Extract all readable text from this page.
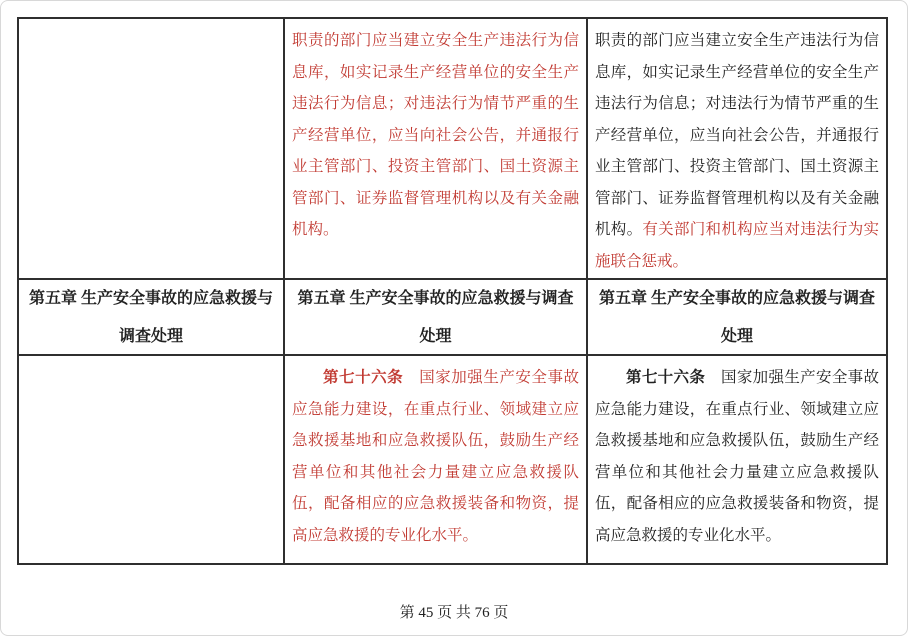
职责的部门应当建立安全生产违法行为信息库，如实记录生产经营单位的安全生产违法行为信息；对违法行为情节严重的生产经营单位，应当向社会公告，并通报行业主管部门、投资主管部门、国土资源主管部门、证券监督管理机构以及有关金融机构。

职责的部门应当建立安全生产违法行为信息库，如实记录生产经营单位的安全生产违法行为信息；对违法行为情节严重的生产经营单位，应当向社会公告，并通报行业主管部门、投资主管部门、国土资源主管部门、证券监督管理机构以及有关金融机构。有关部门和机构应当对违法行为实施联合惩戒。

第五章 生产安全事故的应急救援与调查处理

第五章 生产安全事故的应急救援与调查处理

第五章 生产安全事故的应急救援与调查处理

第七十六条　国家加强生产安全事故应急能力建设，在重点行业、领域建立应急救援基地和应急救援队伍，鼓励生产经营单位和其他社会力量建立应急救援队伍，配备相应的应急救援装备和物资，提高应急救援的专业化水平。

第七十六条　国家加强生产安全事故应急能力建设，在重点行业、领域建立应急救援基地和应急救援队伍，鼓励生产经营单位和其他社会力量建立应急救援队伍，配备相应的应急救援装备和物资，提高应急救援的专业化水平。

第 45 页 共 76 页
